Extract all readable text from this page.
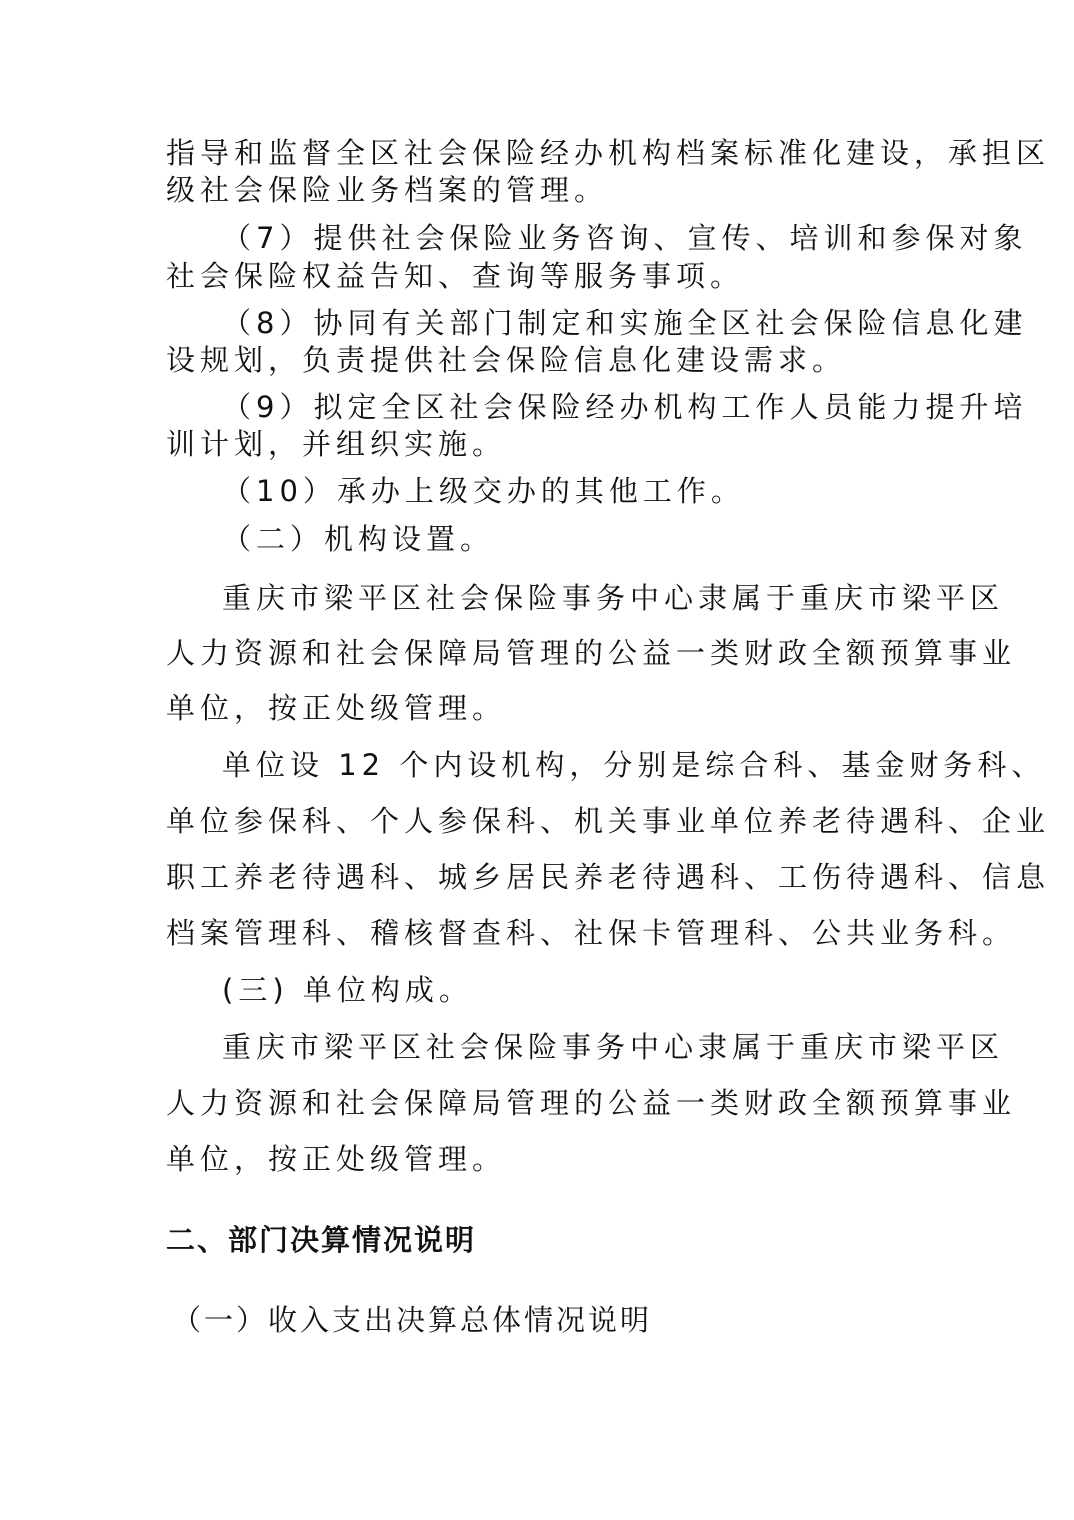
指导和监督全区社会保险经办机构档案标准化建设，承担区
级社会保险业务档案的管理。
（7）提供社会保险业务咨询、宣传、培训和参保对象
社会保险权益告知、查询等服务事项。
（8）协同有关部门制定和实施全区社会保险信息化建
设规划，负责提供社会保险信息化建设需求。
（9）拟定全区社会保险经办机构工作人员能力提升培
训计划，并组织实施。
（10）承办上级交办的其他工作。
（二）机构设置。
重庆市梁平区社会保险事务中心隶属于重庆市梁平区
人力资源和社会保障局管理的公益一类财政全额预算事业
单位，按正处级管理。
单位设 12 个内设机构，分别是综合科、基金财务科、
单位参保科、个人参保科、机关事业单位养老待遇科、企业
职工养老待遇科、城乡居民养老待遇科、工伤待遇科、信息
档案管理科、稽核督查科、社保卡管理科、公共业务科。
(三) 单位构成。
重庆市梁平区社会保险事务中心隶属于重庆市梁平区
人力资源和社会保障局管理的公益一类财政全额预算事业
单位，按正处级管理。
二、部门决算情况说明
（一）收入支出决算总体情况说明
